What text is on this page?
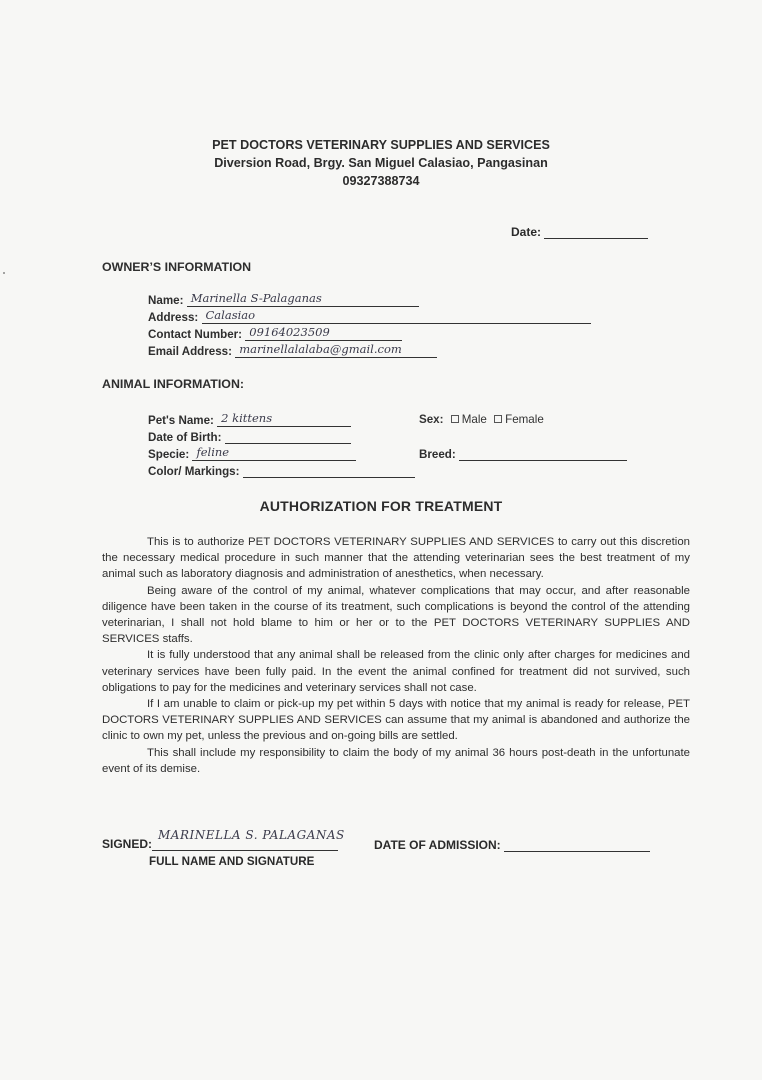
PET DOCTORS VETERINARY SUPPLIES AND SERVICES
Diversion Road, Brgy. San Miguel Calasiao, Pangasinan
09327388734
Date:
OWNER’S INFORMATION
Name: Marinella S-Palaganas
Address: Calasiao
Contact Number: 09164023509
Email Address: marinellalalaba@gmail.com
ANIMAL INFORMATION:
Pet's Name: 2 kittens	Sex: Male Female
Date of Birth:
Specie: feline	Breed:
Color/ Markings:
AUTHORIZATION FOR TREATMENT

This is to authorize PET DOCTORS VETERINARY SUPPLIES AND SERVICES to carry out this discretion the necessary medical procedure in such manner that the attending veterinarian sees the best treatment of my animal such as laboratory diagnosis and administration of anesthetics, when necessary.

Being aware of the control of my animal, whatever complications that may occur, and after reasonable diligence have been taken in the course of its treatment, such complications is beyond the control of the attending veterinarian, I shall not hold blame to him or her or to the PET DOCTORS VETERINARY SUPPLIES AND SERVICES staffs.

It is fully understood that any animal shall be released from the clinic only after charges for medicines and veterinary services have been fully paid. In the event the animal confined for treatment did not survived, such obligations to pay for the medicines and veterinary services shall not case.

If I am unable to claim or pick-up my pet within 5 days with notice that my animal is ready for release, PET DOCTORS VETERINARY SUPPLIES AND SERVICES can assume that my animal is abandoned and authorize the clinic to own my pet, unless the previous and on-going bills are settled.

This shall include my responsibility to claim the body of my animal 36 hours post-death in the unfortunate event of its demise.

SIGNED:
MARINELLA S. PALAGANAS
FULL NAME AND SIGNATURE
DATE OF ADMISSION:
